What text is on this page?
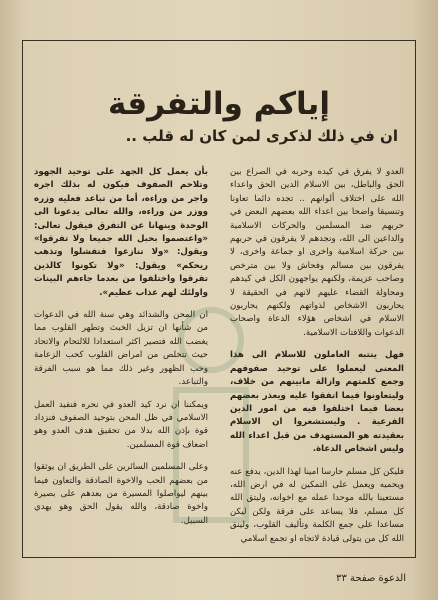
إياكم والتفرقة
ان في ذلك لذكرى لمن كان له قلب ..

العدو لا يفرق في كيده وحربه في الصراع بين الحق والباطل، بين الاسلام الدين الحق واعداء الله على اختلاف ألوانهم .. تجده دائما تعاونا وتنسيقا واضحا بين اعداء الله بعضهم البعض في حربهم ضد المسلمين والحركات الاسلامية والداعين الى الله، ونجدهم لا يفرقون في حربهم بين حركة اسلامية واخرى او جماعة واخرى، لا يفرقون بين مسالم وفحاش ولا بين مترخص وصاحب عزيمة، ولكنهم يواجهون الكل في كيدهم ومحاولة القضاء عليهم لانهم في الحقيقة لا يحاربون الاشخاص لذواتهم ولكنهم يحاربون الاسلام في اشخاص هؤلاء الدعاة واصحاب الدعوات واللافتات الاسلامية.

فهل ينتبه العاملون للاسلام الى هذا المعنى ليعملوا على توحيد صفوفهم وجمع كلمتهم وازالة مابينهم من خلاف، وليتعاونوا فيما اتفقوا عليه ويعذر بعضهم بعضا فيما اختلفوا فيه من امور الدين الفرعية . وليستشعروا ان الاسلام بعقيدته هو المستهدف من قبل اعداء الله وليس اشخاص الدعاة.

فليكن كل مسلم حارسا امينا لهذا الدين، يدفع عنه ويحميه ويعمل على التمكين له في ارض الله، مستعينا بالله موحدا عمله مع اخوانه، وليتق الله كل مسلم، فلا يساعد على فرقة ولكن ليكن مساعدا على جمع الكلمة وتأليف القلوب، ولينق الله كل من يتولى قيادة لاتجاه او تجمع اسلامي

بأن يعمل كل الجهد على توحيد الجهود وتلاحم الصفوف فيكون له بذلك اجره واجر من وراءه، أما من تباعد فعليه وزره ووزر من وراءه، والله تعالى يدعونا الى الوحدة وينهانا عن التفرق فيقول تعالى: «واعتصموا بحبل الله جميعا ولا تفرقوا» ويقول: «ولا تنازعوا فتفشلوا وتذهب ريحكم» ويقول: «ولا تكونوا كالذين تفرقوا واختلفوا من بعدما جاءهم البينات واولئك لهم عذاب عظيم».

ان المحن والشدائد وهي سنة الله في الدعوات من شأنها ان تزيل الخبث وتطهر القلوب مما يغضب الله فتصير اكثر استعدادا للالتحام والاتحاد حيث تتخلص من امراض القلوب كحب الزعامة وحب الظهور وغير ذلك مما هو سبب الفرقة والتباعد.

ويمكننا ان نرد كيد العدو في نحره فنفيد العمل الاسلامي في ظل المحن بتوحيد الصفوف فنزداد قوة بإذن الله بدلا من تحقيق هدف العدو وهو اضعاف قوة المسلمين.

وعلى المسلمين السائرين على الطريق ان يوثقوا من بعضهم الحب والاخوة الصادقة والتعاون فيما بينهم ليواصلوا المسيرة من بعدهم على بصيرة واخوة صادقة، والله يقول الحق وهو يهدي السبيل.

الدعوة صفحة ٣٣
